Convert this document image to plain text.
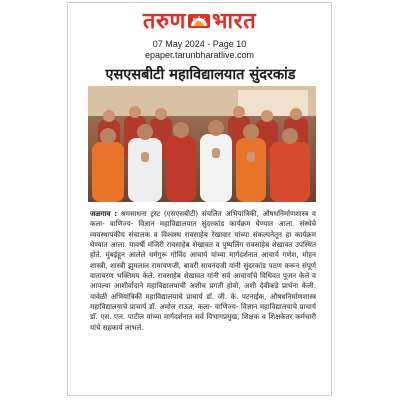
तरुण भारत
07 May 2024 - Page 10
epaper.tarunbharatlive.com
एसएसबीटी महाविद्यालयात सुंदरकांड
जळगाव : श्रमसाधना ट्रस्ट (एसएसबीटी) संचलित अभियांत्रिकी, औषधनिर्माणशास्त्र व कला- वाणिज्य- विज्ञान महाविद्यालयात सुंदरकांड कार्यक्रम घेण्यात आला. संस्थेचे व्यवस्थापकीय संचालक व विश्वस्थ रावसाहेब रेखावार यांच्या संकल्पनेतून हा कार्यक्रम घेण्यात आला. यावर्षी मंजिरी रावसाहेब शेखावत व पुष्पलिंग रावसाहेब शेखावत उपस्थित होते. मुंबईहून आलेले धर्मगुरू गोविंद आचार्य यांच्या मार्गदर्शनात आचार्य गणेश, मोहन शास्त्री, शास्त्री झुमलाल रामायणजी, बावरी सावनंदजी यांनी सुंदरकांड पठण करून संपूर्ण वातावरण भक्तिमय केले. रावसाहेब शेखावत यांनी सर्व आचार्यांचे विधिवत पूजन केले व आपल्या आशीर्वादाने महाविद्यालयाची अशीच प्रगती होवो, अशी देवीकडे प्रार्थना केली. यावेळी अभियांत्रिकी महाविद्यालयाचे प्राचार्य डॉ. जी. के. पटनाईक, औषधनिर्माणशास्त्र महाविद्यालयाचे प्राचार्य डॉ. अमोल राऊत, कला- वाणिज्य- विज्ञान महाविद्यालयाचे प्राचार्य डॉ. एस. एल. पाटील यांच्या मार्गदर्शनात सर्व विभागप्रमुख, शिक्षक व शिक्षकेतर कर्मचारी यांचे सहकार्य लाभले.
